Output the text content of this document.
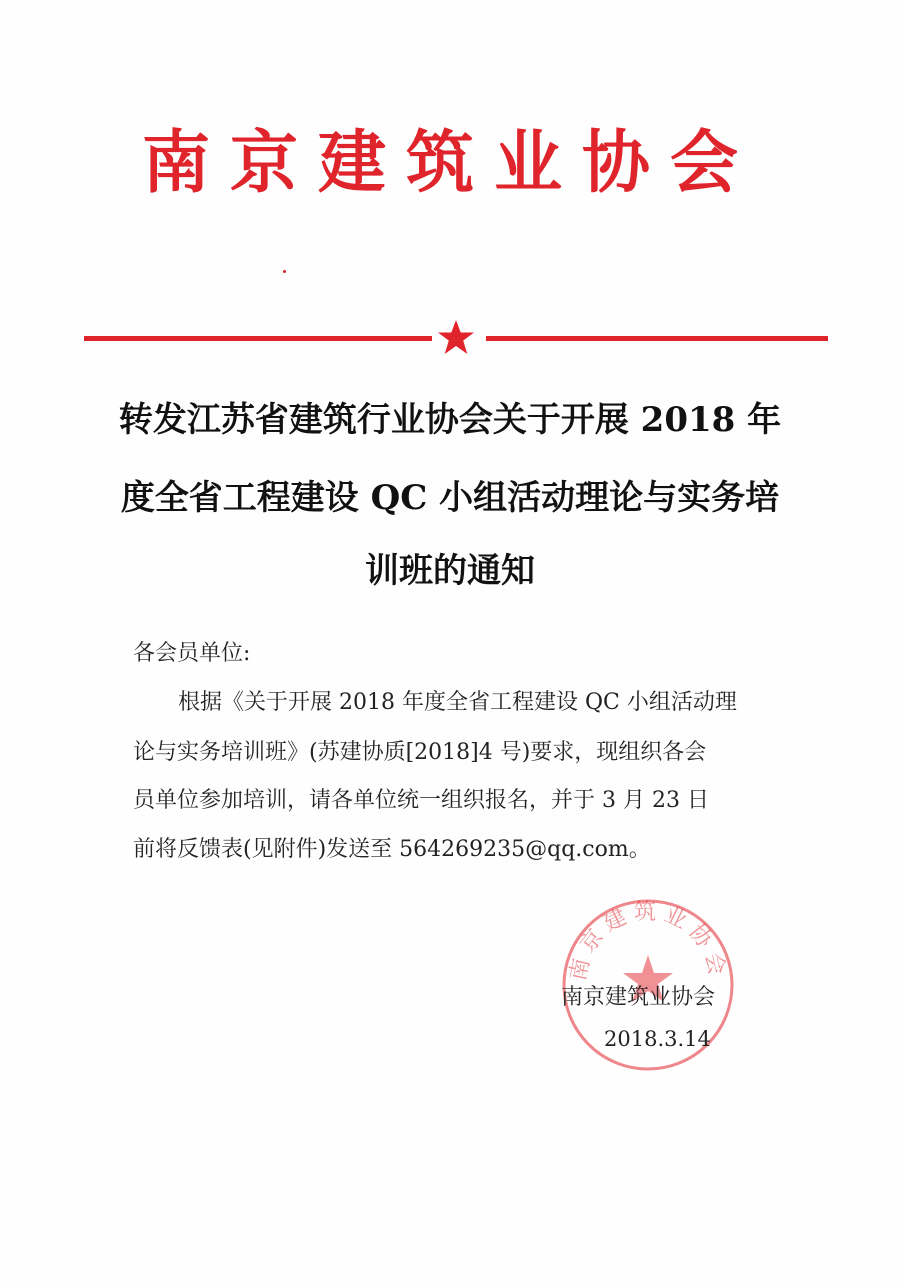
南京建筑业协会
转发江苏省建筑行业协会关于开展 2018 年
度全省工程建设 QC 小组活动理论与实务培
训班的通知
各会员单位:
根据《关于开展 2018 年度全省工程建设 QC 小组活动理
论与实务培训班》(苏建协质[2018]4 号)要求，现组织各会
员单位参加培训，请各单位统一组织报名，并于 3 月 23 日
前将反馈表(见附件)发送至 564269235@qq.com。
南京建筑业协会
南京建筑业协会
2018.3.14
